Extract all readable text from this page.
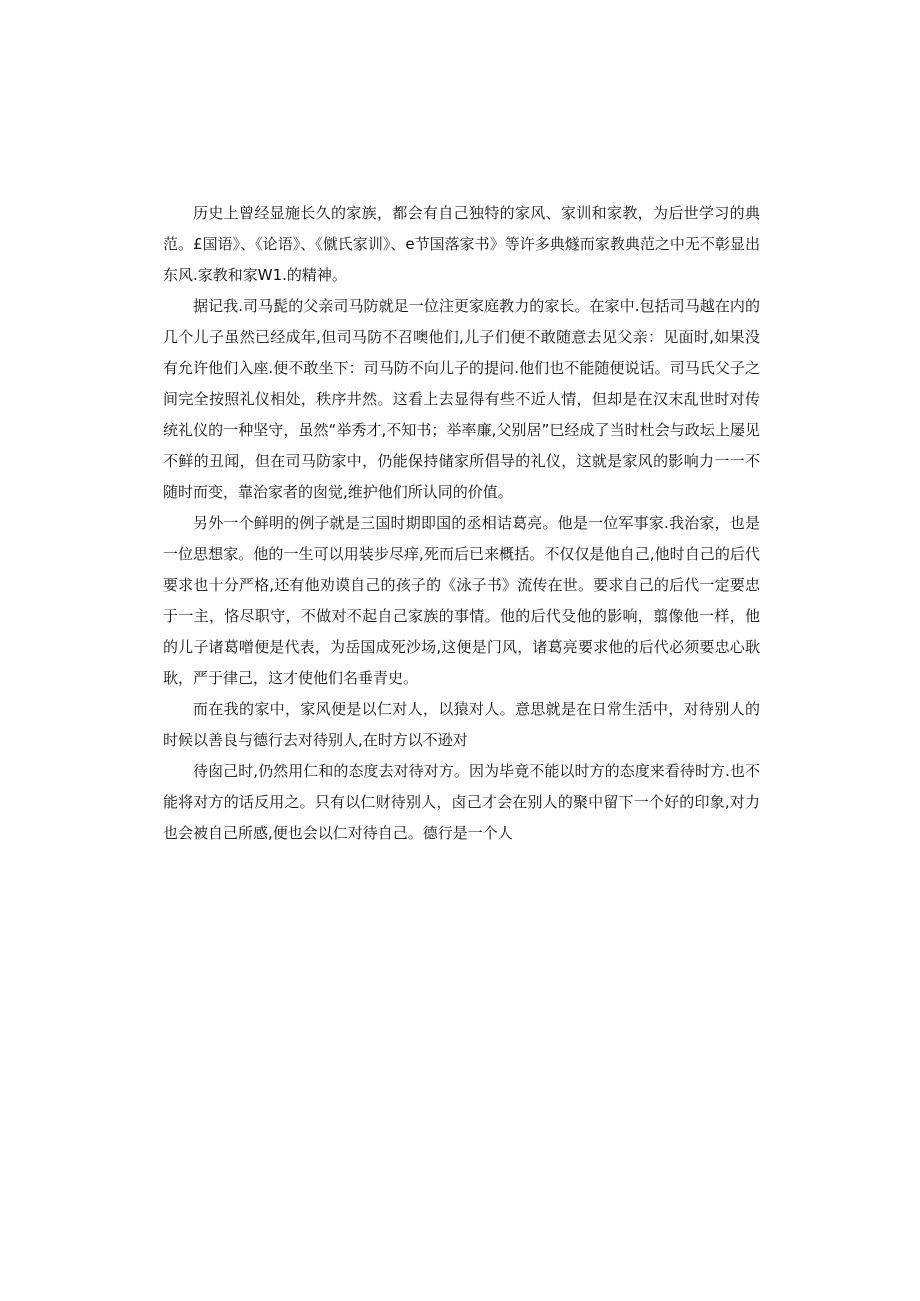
历史上曾经显施长久的家族，都会有自己独特的家风、家训和家教，为后世学习的典范。£国语》、《论语》、《僦氏家训》、e节国落家书》等许多典燧而家教典范之中无不彰显出东风.家教和家W1.的精神。

据记我.司马髭的父亲司马防就足一位注更家庭教力的家长。在家中.包括司马越在内的几个儿子虽然已经成年,但司马防不召噢他们,儿子们便不敢随意去见父亲：见面时,如果没有允许他们入座.便不敢坐下：司马防不向儿子的提问.他们也不能随便说话。司马氏父子之间完全按照礼仪相处，秩序井然。这看上去显得有些不近人情，但却是在汉末乱世时对传统礼仪的一种坚守，虽然“举秀才,不知书；举率廉,父别居”巳经成了当时杜会与政坛上屡见不鲜的丑闻，但在司马防家中，仍能保持储家所倡导的礼仪，这就是家风的影响力一一不随时而变，靠治家者的囱觉,维护他们所认同的价值。

另外一个鲜明的例子就是三国时期即国的丞相诘葛亮。他是一位军事家.我治家，也是一位思想家。他的一生可以用装步尽痒,死而后已来概括。不仅仅是他自己,他时自己的后代要求也十分严格,还有他劝谟自己的孩子的《泳子书》流传在世。要求自己的后代一定要忠于一主，恪尽职守，不做对不起自己家族的事情。他的后代殳他的影响，翦像他一样，他的儿子诸葛噌便是代表，为岳国成死沙场,这便是门风，诸葛亮要求他的后代必须要忠心耿耿，严于律己，这才使他们名垂青史。

而在我的家中，家风便是以仁对人，以猿对人。意思就是在日常生活中，对待别人的时候以善良与德行去对待别人,在时方以不逊对

待囱己时,仍然用仁和的态度去对待对方。因为毕竟不能以时方的态度来看待时方.也不能将对方的话反用之。只有以仁财待别人，卤己才会在别人的聚中留下一个好的印象,对力也会被自己所感,便也会以仁对待自己。德行是一个人
